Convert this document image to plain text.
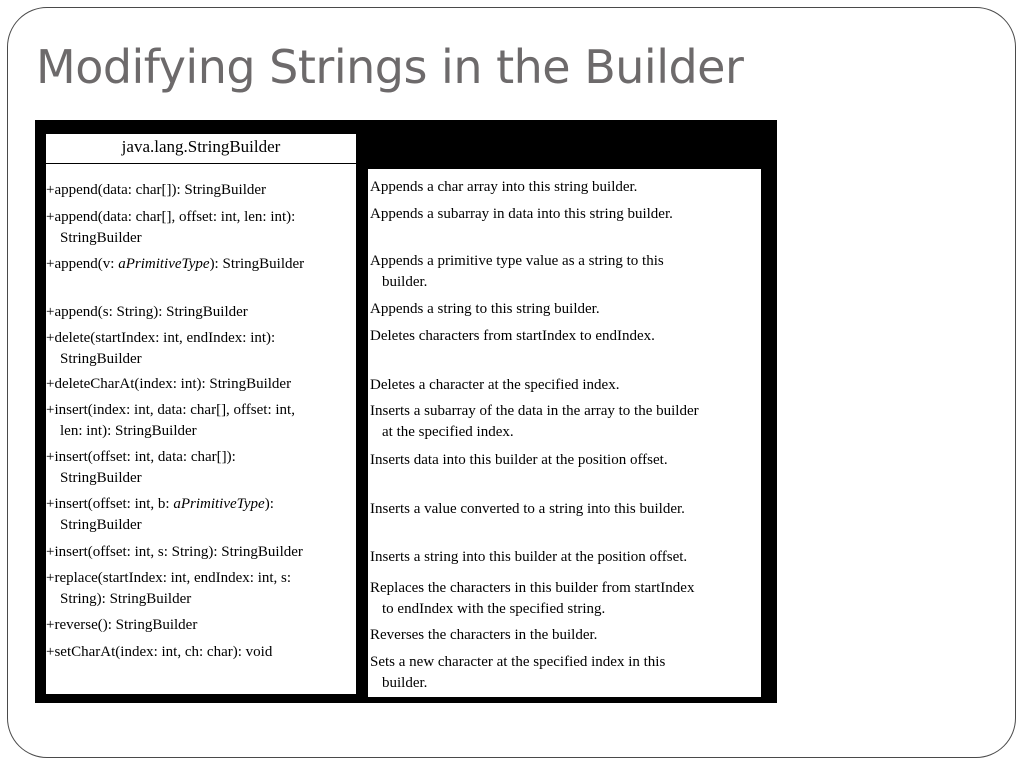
Modifying Strings in the Builder
java.lang.StringBuilder
+append(data: char[]): StringBuilder
+append(data: char[], offset: int, len: int):
StringBuilder
+append(v: aPrimitiveType): StringBuilder
+append(s: String): StringBuilder
+delete(startIndex: int, endIndex: int):
StringBuilder
+deleteCharAt(index: int): StringBuilder
+insert(index: int, data: char[], offset: int,
len: int): StringBuilder
+insert(offset: int, data: char[]):
StringBuilder
+insert(offset: int, b: aPrimitiveType):
StringBuilder
+insert(offset: int, s: String): StringBuilder
+replace(startIndex: int, endIndex: int, s:
String): StringBuilder
+reverse(): StringBuilder
+setCharAt(index: int, ch: char): void
Appends a char array into this string builder.
Appends a subarray in data into this string builder.
Appends a primitive type value as a string to this
builder.
Appends a string to this string builder.
Deletes characters from startIndex to endIndex.
Deletes a character at the specified index.
Inserts a subarray of the data in the array to the builder
at the specified index.
Inserts data into this builder at the position offset.
Inserts a value converted to a string into this builder.
Inserts a string into this builder at the position offset.
Replaces the characters in this builder from startIndex
to endIndex with the specified string.
Reverses the characters in the builder.
Sets a new character at the specified index in this
builder.
